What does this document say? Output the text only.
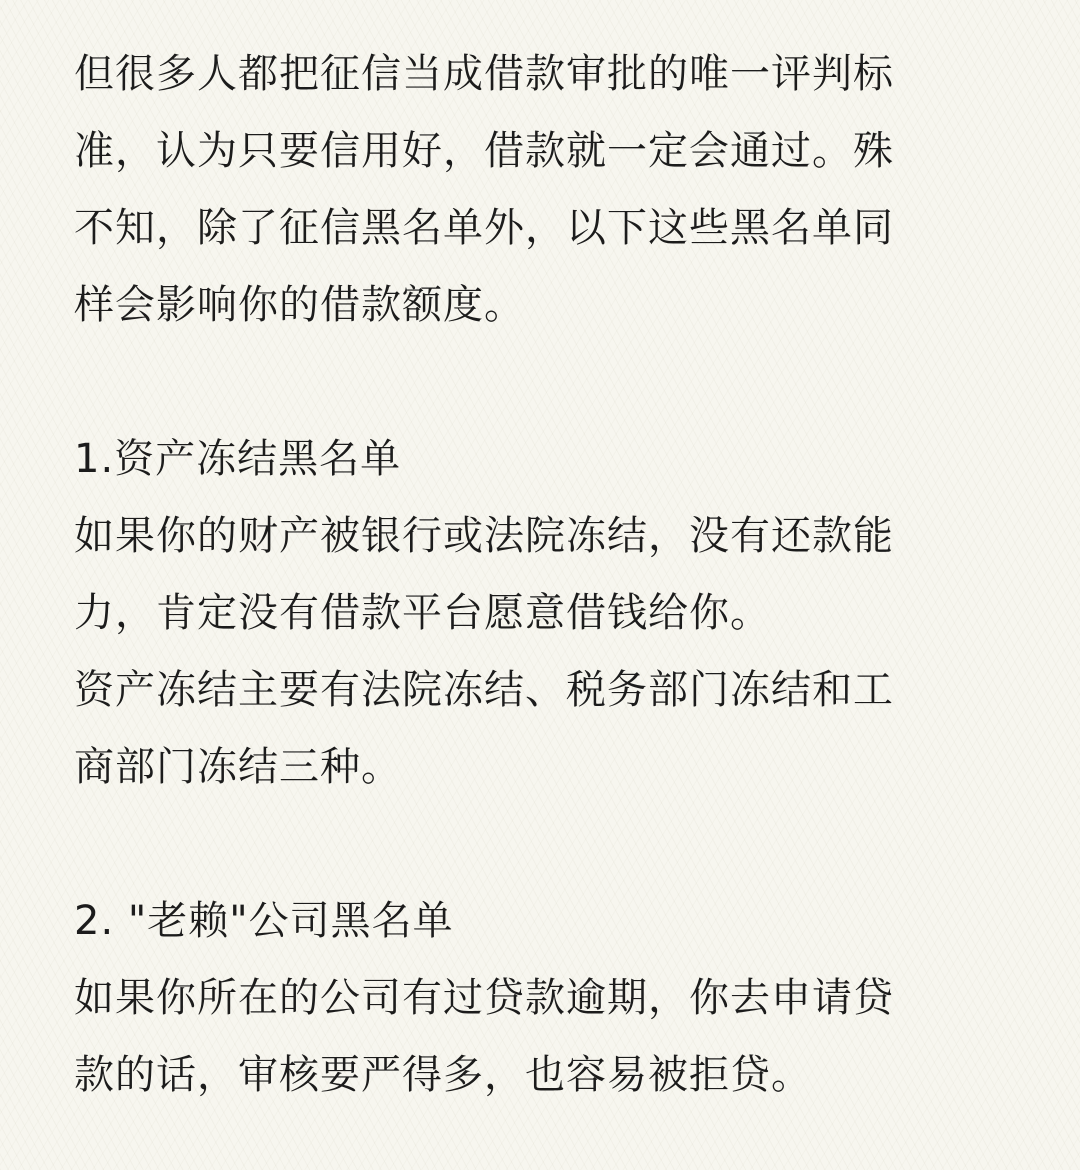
但很多人都把征信当成借款审批的唯一评判标
准，认为只要信用好，借款就一定会通过。殊
不知，除了征信黑名单外，以下这些黑名单同
样会影响你的借款额度。
1.资产冻结黑名单
如果你的财产被银行或法院冻结，没有还款能
力，肯定没有借款平台愿意借钱给你。
资产冻结主要有法院冻结、税务部门冻结和工
商部门冻结三种。
2. "老赖"公司黑名单
如果你所在的公司有过贷款逾期，你去申请贷
款的话，审核要严得多，也容易被拒贷。
